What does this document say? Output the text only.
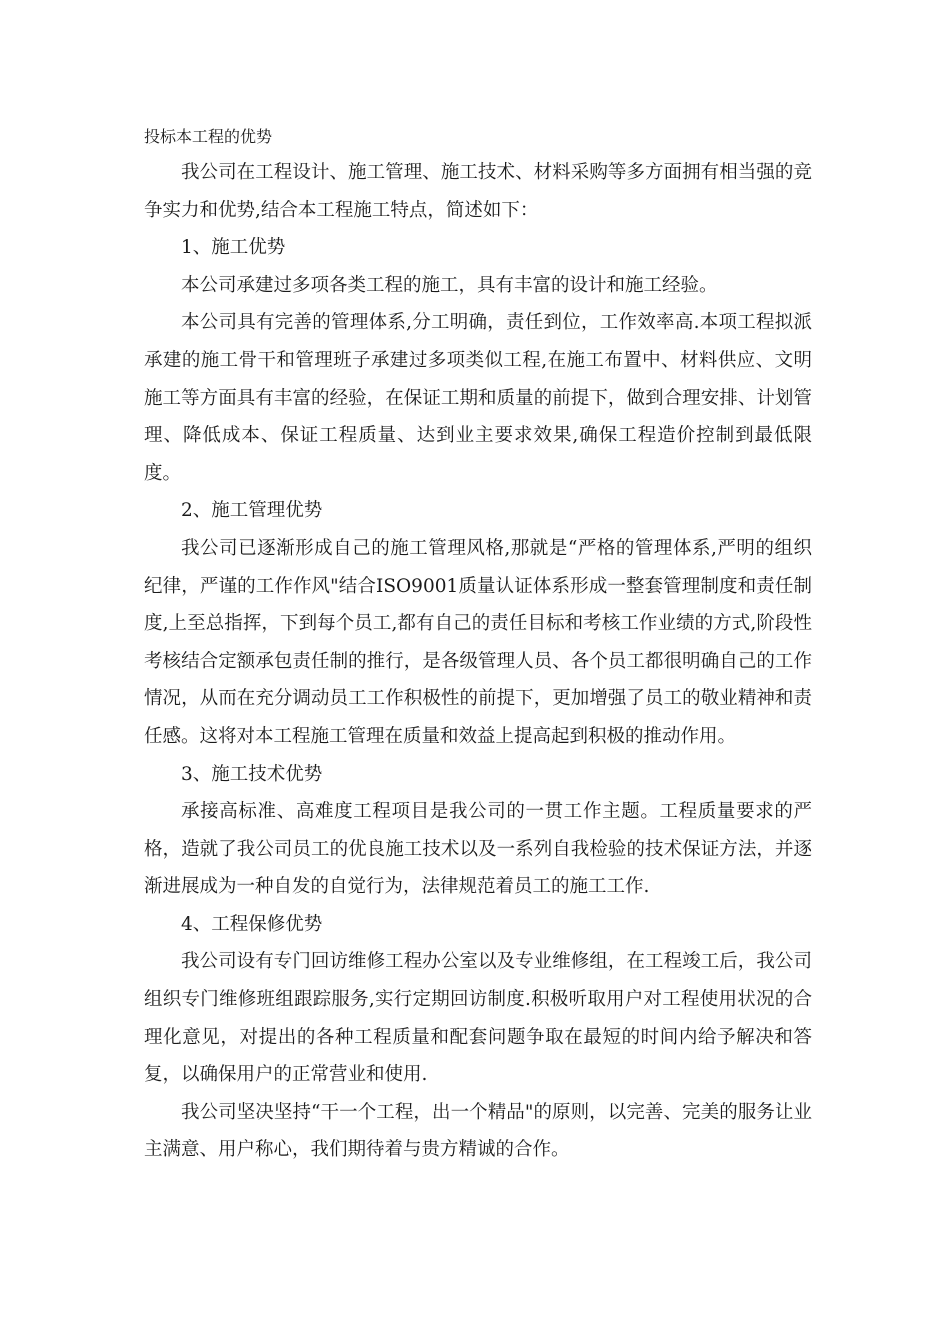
投标本工程的优势

我公司在工程设计、施工管理、施工技术、材料采购等多方面拥有相当强的竞争实力和优势,结合本工程施工特点，简述如下：

1、施工优势

本公司承建过多项各类工程的施工，具有丰富的设计和施工经验。

本公司具有完善的管理体系,分工明确，责任到位，工作效率高.本项工程拟派承建的施工骨干和管理班子承建过多项类似工程,在施工布置中、材料供应、文明施工等方面具有丰富的经验，在保证工期和质量的前提下，做到合理安排、计划管理、降低成本、保证工程质量、达到业主要求效果,确保工程造价控制到最低限度。

2、施工管理优势

我公司已逐渐形成自己的施工管理风格,那就是“严格的管理体系,严明的组织纪律，严谨的工作作风"结合ISO9001质量认证体系形成一整套管理制度和责任制度,上至总指挥，下到每个员工,都有自己的责任目标和考核工作业绩的方式,阶段性考核结合定额承包责任制的推行，是各级管理人员、各个员工都很明确自己的工作情况，从而在充分调动员工工作积极性的前提下，更加增强了员工的敬业精神和责任感。这将对本工程施工管理在质量和效益上提高起到积极的推动作用。

3、施工技术优势

承接高标准、高难度工程项目是我公司的一贯工作主题。工程质量要求的严格，造就了我公司员工的优良施工技术以及一系列自我检验的技术保证方法，并逐渐进展成为一种自发的自觉行为，法律规范着员工的施工工作.

4、工程保修优势

我公司设有专门回访维修工程办公室以及专业维修组，在工程竣工后，我公司组织专门维修班组跟踪服务,实行定期回访制度.积极听取用户对工程使用状况的合理化意见，对提出的各种工程质量和配套问题争取在最短的时间内给予解决和答复，以确保用户的正常营业和使用.

我公司坚决坚持“干一个工程，出一个精品"的原则，以完善、完美的服务让业主满意、用户称心，我们期待着与贵方精诚的合作。
